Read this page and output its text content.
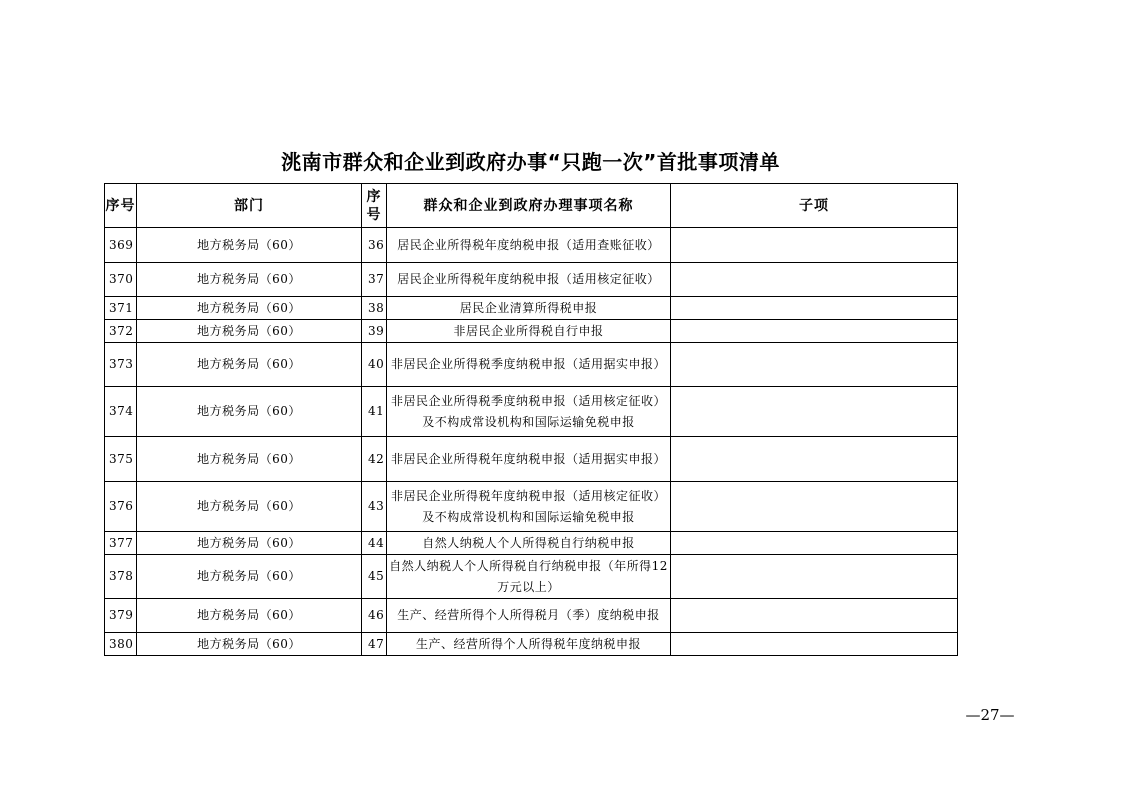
洮南市群众和企业到政府办事“只跑一次”首批事项清单
序号	部门	序号	群众和企业到政府办理事项名称	子项
369	地方税务局（60）	36	居民企业所得税年度纳税申报（适用查账征收）	
370	地方税务局（60）	37	居民企业所得税年度纳税申报（适用核定征收）	
371	地方税务局（60）	38	居民企业清算所得税申报	
372	地方税务局（60）	39	非居民企业所得税自行申报	
373	地方税务局（60）	40	非居民企业所得税季度纳税申报（适用据实申报）	
374	地方税务局（60）	41	非居民企业所得税季度纳税申报（适用核定征收）及不构成常设机构和国际运输免税申报	
375	地方税务局（60）	42	非居民企业所得税年度纳税申报（适用据实申报）	
376	地方税务局（60）	43	非居民企业所得税年度纳税申报（适用核定征收）及不构成常设机构和国际运输免税申报	
377	地方税务局（60）	44	自然人纳税人个人所得税自行纳税申报	
378	地方税务局（60）	45	自然人纳税人个人所得税自行纳税申报（年所得12万元以上）	
379	地方税务局（60）	46	生产、经营所得个人所得税月（季）度纳税申报	
380	地方税务局（60）	47	生产、经营所得个人所得税年度纳税申报	
—27—
